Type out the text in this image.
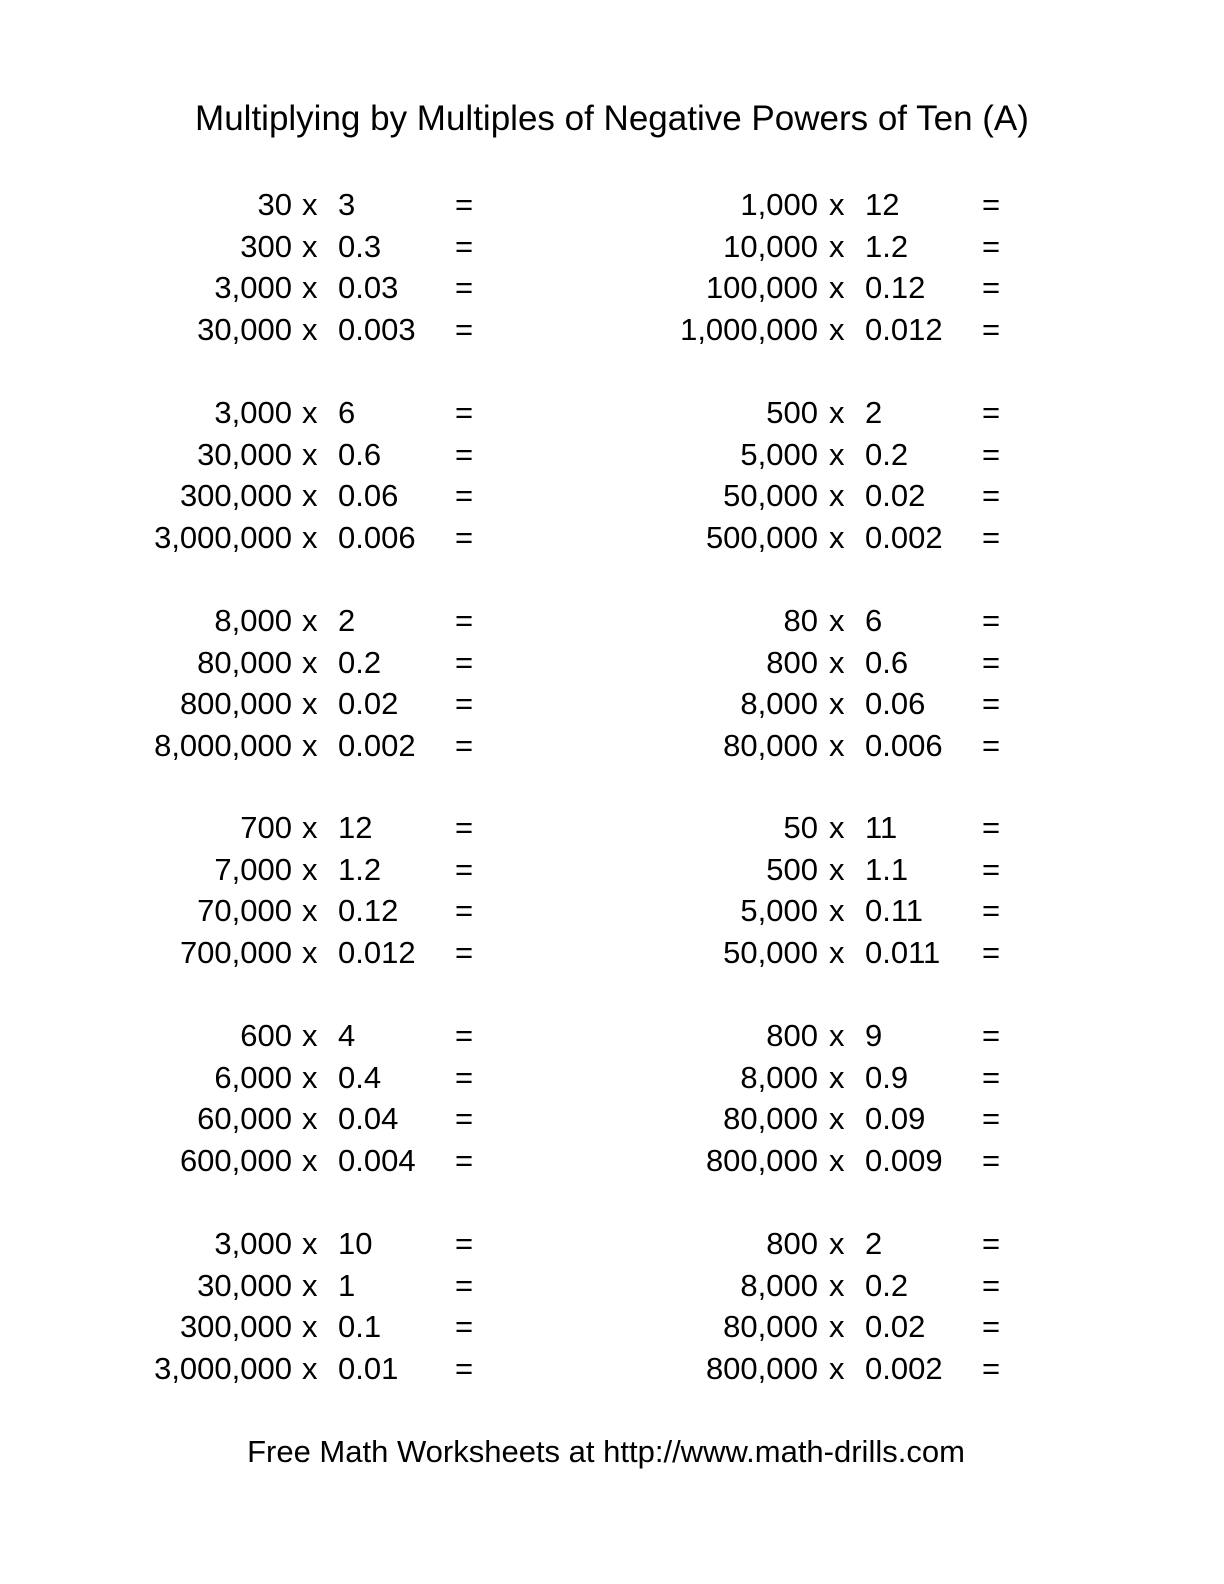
Multiplying by Multiples of Negative Powers of Ten (A)
30 x 3	=
300 x 0.3 =
3,000 x 0.03 =
30,000 x 0.003 =
3,000 x 6	=
30,000 x 0.6 =
300,000 x 0.06 =
3,000,000 x 0.006 =
8,000 x 2	=
80,000 x 0.2 =
800,000 x 0.02 =
8,000,000 x 0.002 =
700 x 12	=
7,000 x 1.2 =
70,000 x 0.12 =
700,000 x 0.012 =
600 x 4	=
6,000 x 0.4 =
60,000 x 0.04 =
600,000 x 0.004 =
3,000 x 10	=
30,000 x 1	=
300,000 x 0.1 =
3,000,000 x 0.01 =
1,000 x 12	=
10,000 x 1.2 =
100,000 x 0.12 =
1,000,000 x 0.012 =
500 x 2	=
5,000 x 0.2 =
50,000 x 0.02 =
500,000 x 0.002 =
80 x 6	=
800 x 0.6 =
8,000 x 0.06 =
80,000 x 0.006 =
50 x 11	=
500 x 1.1 =
5,000 x 0.11 =
50,000 x 0.011 =
800 x 9	=
8,000 x 0.9 =
80,000 x 0.09 =
800,000 x 0.009 =
800 x 2	=
8,000 x 0.2 =
80,000 x 0.02 =
800,000 x 0.002 =
Free Math Worksheets at http://www.math-drills.com
